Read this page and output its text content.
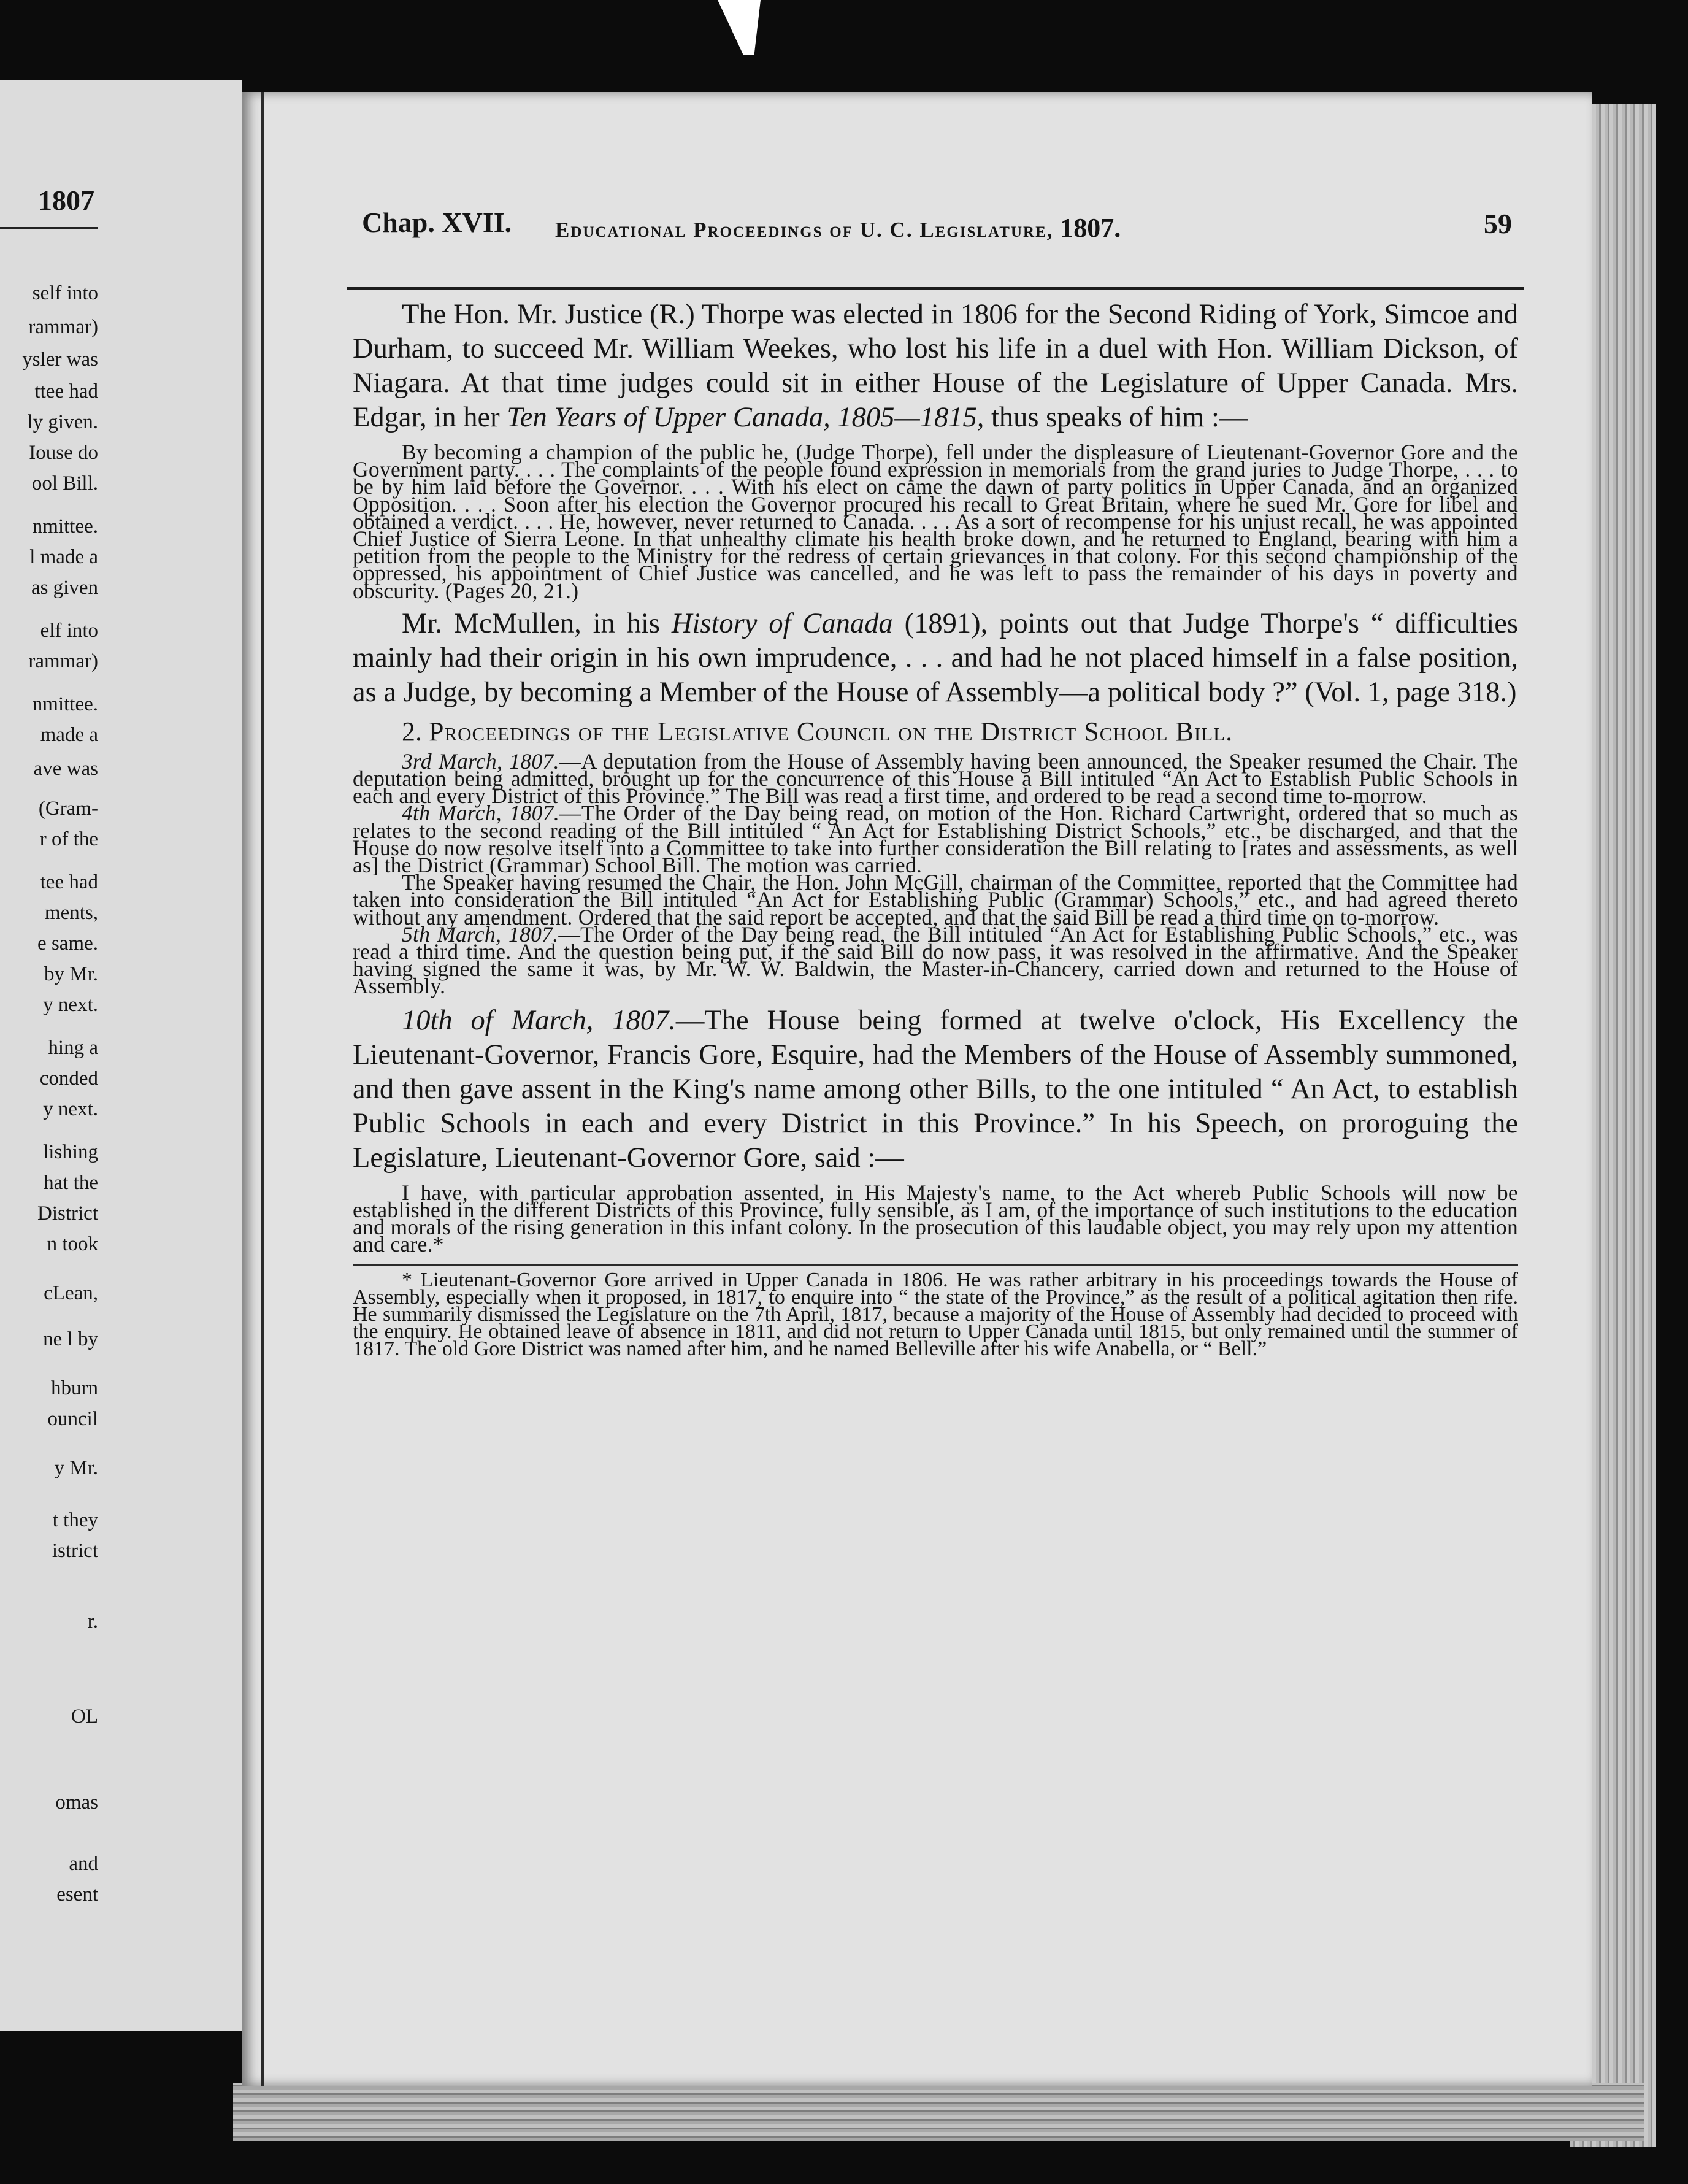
1807
self into
rammar)
ysler was
ttee had
ly given.
Iouse do
ool Bill.
nmittee.
l made a
as given
elf into
rammar)
nmittee.
made a
ave was
(Gram-
r of the
tee had
ments,
e same.
by Mr.
y next.
hing a
conded
y next.
lishing
hat the
District
n took
cLean,
ne l by
hburn
ouncil
y Mr.
t they
istrict
r.
OL
omas
and
esent
Chap. XVII. Educational Proceedings of U. C. Legislature, 1807.	59

The Hon. Mr. Justice (R.) Thorpe was elected in 1806 for the Second Riding of York, Simcoe and Durham, to succeed Mr. William Weekes, who lost his life in a duel with Hon. William Dickson, of Niagara. At that time judges could sit in either House of the Legislature of Upper Canada. Mrs. Edgar, in her Ten Years of Upper Canada, 1805—1815, thus speaks of him :—

By becoming a champion of the public he, (Judge Thorpe), fell under the displeasure of Lieutenant-Governor Gore and the Government party. . . . The complaints of the people found expression in memorials from the grand juries to Judge Thorpe, . . . to be by him laid before the Governor. . . . With his elect on came the dawn of party politics in Upper Canada, and an organized Opposition. . . . Soon after his election the Governor procured his recall to Great Britain, where he sued Mr. Gore for libel and obtained a verdict. . . . He, however, never returned to Canada. . . . As a sort of recompense for his unjust recall, he was appointed Chief Justice of Sierra Leone. In that unhealthy climate his health broke down, and he returned to England, bearing with him a petition from the people to the Ministry for the redress of certain grievances in that colony. For this second championship of the oppressed, his appointment of Chief Justice was cancelled, and he was left to pass the remainder of his days in poverty and obscurity. (Pages 20, 21.)

Mr. McMullen, in his History of Canada (1891), points out that Judge Thorpe's “ difficulties mainly had their origin in his own imprudence, . . . and had he not placed himself in a false position, as a Judge, by becoming a Member of the House of Assembly—a political body ?” (Vol. 1, page 318.)

2. Proceedings of the Legislative Council on the District School Bill.

3rd March, 1807.—A deputation from the House of Assembly having been announced, the Speaker resumed the Chair. The deputation being admitted, brought up for the concurrence of this House a Bill intituled “An Act to Establish Public Schools in each and every District of this Province.” The Bill was read a first time, and ordered to be read a second time to-morrow.

4th March, 1807.—The Order of the Day being read, on motion of the Hon. Richard Cartwright, ordered that so much as relates to the second reading of the Bill intituled “ An Act for Establishing District Schools,” etc., be discharged, and that the House do now resolve itself into a Committee to take into further consideration the Bill relating to [rates and assessments, as well as] the District (Grammar) School Bill. The motion was carried.

The Speaker having resumed the Chair, the Hon. John McGill, chairman of the Committee, reported that the Committee had taken into consideration the Bill intituled “An Act for Establishing Public (Grammar) Schools,” etc., and had agreed thereto without any amendment. Ordered that the said report be accepted, and that the said Bill be read a third time on to-morrow.

5th March, 1807.—The Order of the Day being read, the Bill intituled “An Act for Establishing Public Schools,” etc., was read a third time. And the question being put, if the said Bill do now pass, it was resolved in the affirmative. And the Speaker having signed the same it was, by Mr. W. W. Baldwin, the Master-in-Chancery, carried down and returned to the House of Assembly.

10th of March, 1807.—The House being formed at twelve o'clock, His Excellency the Lieutenant-Governor, Francis Gore, Esquire, had the Members of the House of Assembly summoned, and then gave assent in the King's name among other Bills, to the one intituled “ An Act, to establish Public Schools in each and every District in this Province.” In his Speech, on proroguing the Legislature, Lieutenant-Governor Gore, said :—

I have, with particular approbation assented, in His Majesty's name, to the Act whereb Public Schools will now be established in the different Districts of this Province, fully sensible, as I am, of the importance of such institutions to the education and morals of the rising generation in this infant colony. In the prosecution of this laudable object, you may rely upon my attention and care.*

* Lieutenant-Governor Gore arrived in Upper Canada in 1806. He was rather arbitrary in his proceedings towards the House of Assembly, especially when it proposed, in 1817, to enquire into “ the state of the Province,” as the result of a political agitation then rife. He summarily dismissed the Legislature on the 7th April, 1817, because a majority of the House of Assembly had decided to proceed with the enquiry. He obtained leave of absence in 1811, and did not return to Upper Canada until 1815, but only remained until the summer of 1817. The old Gore District was named after him, and he named Belleville after his wife Anabella, or “ Bell.”
